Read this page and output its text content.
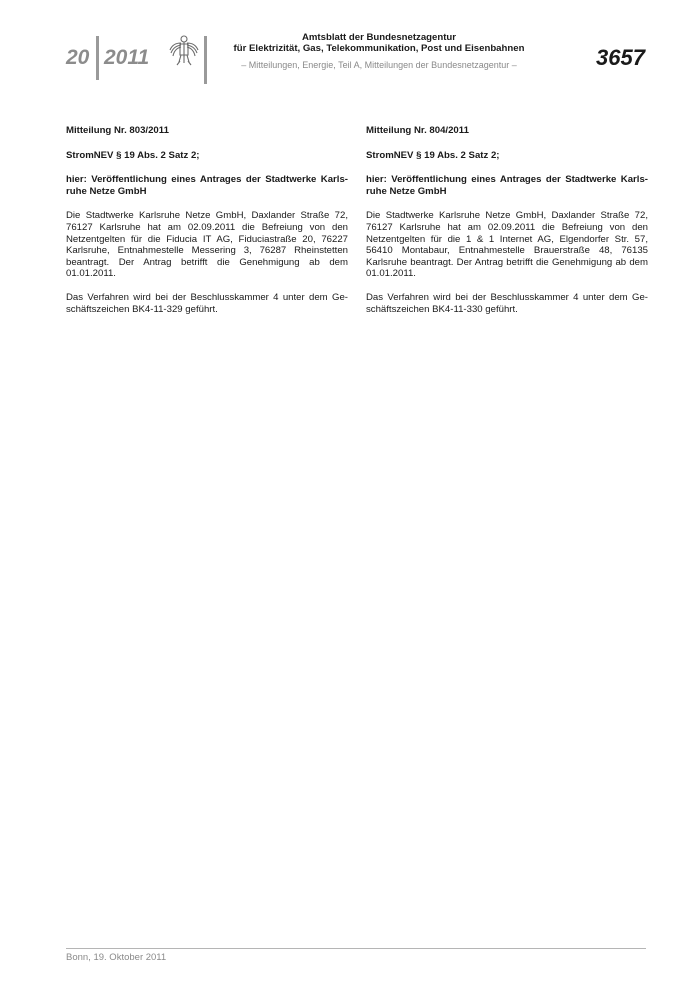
20 2011
Amtsblatt der Bundesnetzagentur
für Elektrizität, Gas, Telekommunikation, Post und Eisenbahnen
– Mitteilungen, Energie, Teil A, Mitteilungen der Bundesnetzagentur –	3657

Mitteilung Nr. 803/2011

StromNEV § 19 Abs. 2 Satz 2;

hier: Veröffentlichung eines Antrages der Stadtwerke Karlsruhe Netze GmbH

Die Stadtwerke Karlsruhe Netze GmbH, Daxlander Straße 72, 76127 Karlsruhe hat am 02.09.2011 die Befreiung von den Netzentgelten für die Fiducia IT AG, Fiduciastraße 20, 76227 Karlsruhe, Entnahmestelle Messering 3, 76287 Rheinstetten beantragt. Der Antrag betrifft die Genehmigung ab dem 01.01.2011.

Das Verfahren wird bei der Beschlusskammer 4 unter dem Geschäftszeichen BK4-11-329 geführt.

Mitteilung Nr. 804/2011

StromNEV § 19 Abs. 2 Satz 2;

hier: Veröffentlichung eines Antrages der Stadtwerke Karlsruhe Netze GmbH

Die Stadtwerke Karlsruhe Netze GmbH, Daxlander Straße 72, 76127 Karlsruhe hat am 02.09.2011 die Befreiung von den Netzentgelten für die 1 & 1 Internet AG, Elgendorfer Str. 57, 56410 Montabaur, Entnahmestelle Brauerstraße 48, 76135 Karlsruhe beantragt. Der Antrag betrifft die Genehmigung ab dem 01.01.2011.

Das Verfahren wird bei der Beschlusskammer 4 unter dem Geschäftszeichen BK4-11-330 geführt.

Bonn, 19. Oktober 2011
